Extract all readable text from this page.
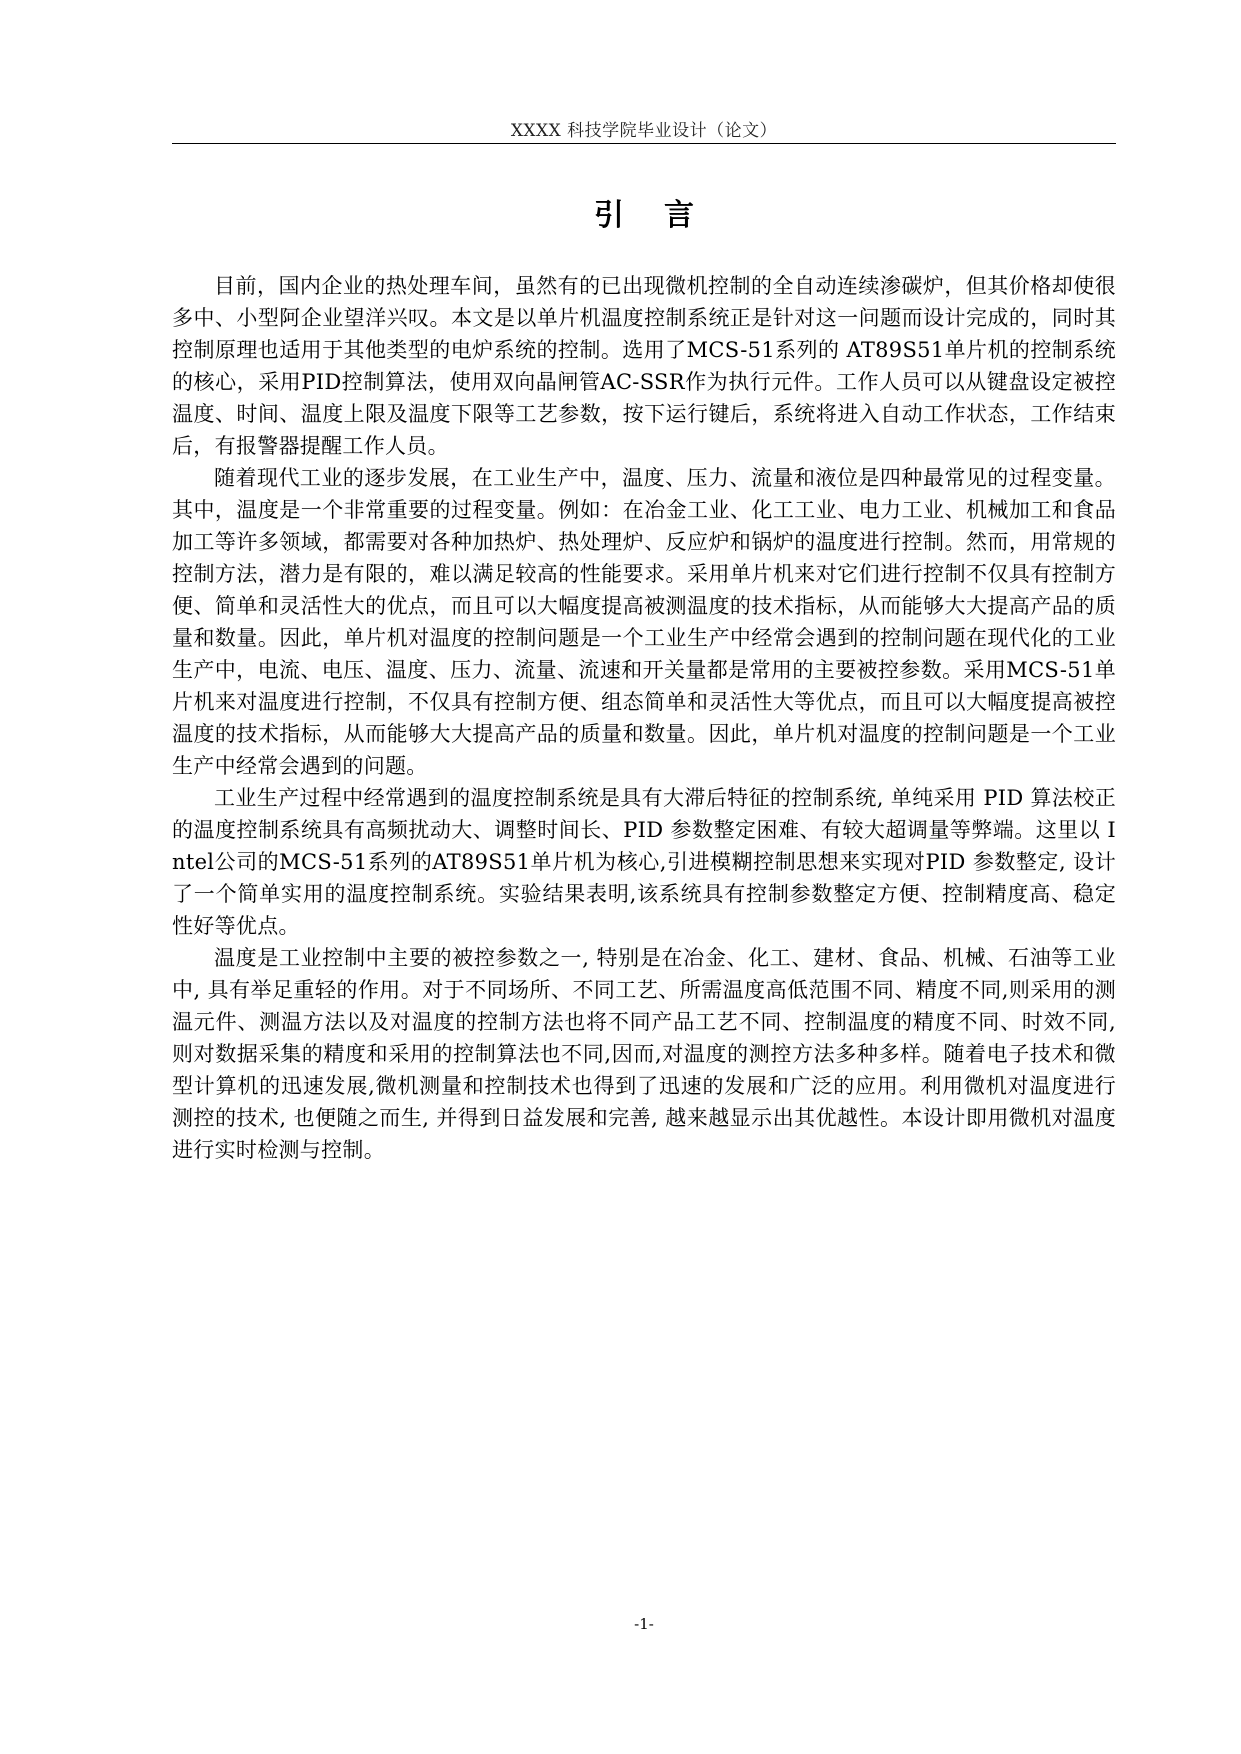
XXXX 科技学院毕业设计（论文）
引言

目前，国内企业的热处理车间，虽然有的已出现微机控制的全自动连续渗碳炉，但其价格却使很多中、小型阿企业望洋兴叹。本文是以单片机温度控制系统正是针对这一问题而设计完成的，同时其控制原理也适用于其他类型的电炉系统的控制。选用了MCS-51系列的 AT89S51单片机的控制系统的核心，采用PID控制算法，使用双向晶闸管AC-SSR作为执行元件。工作人员可以从键盘设定被控温度、时间、温度上限及温度下限等工艺参数，按下运行键后，系统将进入自动工作状态，工作结束后，有报警器提醒工作人员。

随着现代工业的逐步发展，在工业生产中，温度、压力、流量和液位是四种最常见的过程变量。其中，温度是一个非常重要的过程变量。例如：在冶金工业、化工工业、电力工业、机械加工和食品加工等许多领域，都需要对各种加热炉、热处理炉、反应炉和锅炉的温度进行控制。然而，用常规的控制方法，潜力是有限的，难以满足较高的性能要求。采用单片机来对它们进行控制不仅具有控制方便、简单和灵活性大的优点，而且可以大幅度提高被测温度的技术指标，从而能够大大提高产品的质量和数量。因此，单片机对温度的控制问题是一个工业生产中经常会遇到的控制问题在现代化的工业生产中，电流、电压、温度、压力、流量、流速和开关量都是常用的主要被控参数。采用MCS-51单片机来对温度进行控制，不仅具有控制方便、组态简单和灵活性大等优点，而且可以大幅度提高被控温度的技术指标，从而能够大大提高产品的质量和数量。因此，单片机对温度的控制问题是一个工业生产中经常会遇到的问题。

工业生产过程中经常遇到的温度控制系统是具有大滞后特征的控制系统, 单纯采用 PID 算法校正的温度控制系统具有高频扰动大、调整时间长、PID 参数整定困难、有较大超调量等弊端。这里以 Intel公司的MCS-51系列的AT89S51单片机为核心,引进模糊控制思想来实现对PID 参数整定, 设计了一个简单实用的温度控制系统。实验结果表明,该系统具有控制参数整定方便、控制精度高、稳定性好等优点。

温度是工业控制中主要的被控参数之一, 特别是在冶金、化工、建材、食品、机械、石油等工业中, 具有举足重轻的作用。对于不同场所、不同工艺、所需温度高低范围不同、精度不同,则采用的测温元件、测温方法以及对温度的控制方法也将不同产品工艺不同、控制温度的精度不同、时效不同, 则对数据采集的精度和采用的控制算法也不同,因而,对温度的测控方法多种多样。随着电子技术和微型计算机的迅速发展,微机测量和控制技术也得到了迅速的发展和广泛的应用。利用微机对温度进行测控的技术, 也便随之而生, 并得到日益发展和完善, 越来越显示出其优越性。本设计即用微机对温度进行实时检测与控制。

-1-
